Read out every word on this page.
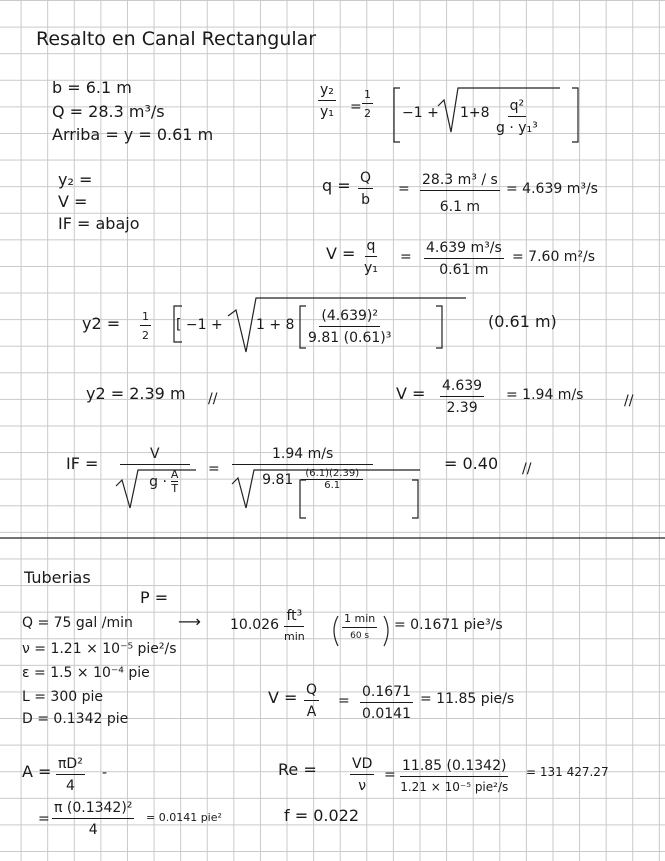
Resalto en Canal Rectangular
b = 6.1 m
Q = 28.3 m³/s
Arriba = y = 0.61 m
y₂ =
V =
IF = abajo
$\frac{\text{y₂}}{\text{y₁}} = \frac{1}{2} -1 + 1+8 \frac{\text{q²}}{\text{g · y₁³}}$
$q = \frac{Q}{b} = \frac{\text{28.3 m³ / s}}{6.1 m} = 4.639$ m³/s
$V = \frac{q}{\text{y₁}} = \frac{\text{4.639 m³/s}}{0.61 m} = 7.60$ m²/s
$y2 = \frac{1}{2}$ [ $-1 + 1 + 8 \frac{\text{(4.639)²}}{\text{9.81 (0.61)³}}$	(0.61 m)
y2 = 2.39 m //	$V = \frac{4.639}{2.39} = 1.94$ m/s	//
IF = V
g · A
T = 1.94 m/s
9.81	(6.1)(2.39)
6.1	= 0.40 //
Tuberias
P =
Q = 75 gal /min	⟶ 10.026
ft³
min
1 min
60 s
= 0.1671 pie³/s
ν = 1.21 × 10⁻⁵ pie²/s
ε = 1.5 × 10⁻⁴ pie
L = 300 pie
D = 0.1342 pie
$V = \frac{Q}{A} = \frac{0.1671}{0.0141} = 11.85$ pie/s
$A = \frac{\text{πD²}}{4}$ -
= $\frac{\text{π (0.1342)²}}{4} = 0.0141$ pie²
$Re = \frac{VD}{\nu}$ =
11.85 (0.1342)
1.21 × 10⁻⁵ pie²/s
= 131 427.27
f = 0.022
